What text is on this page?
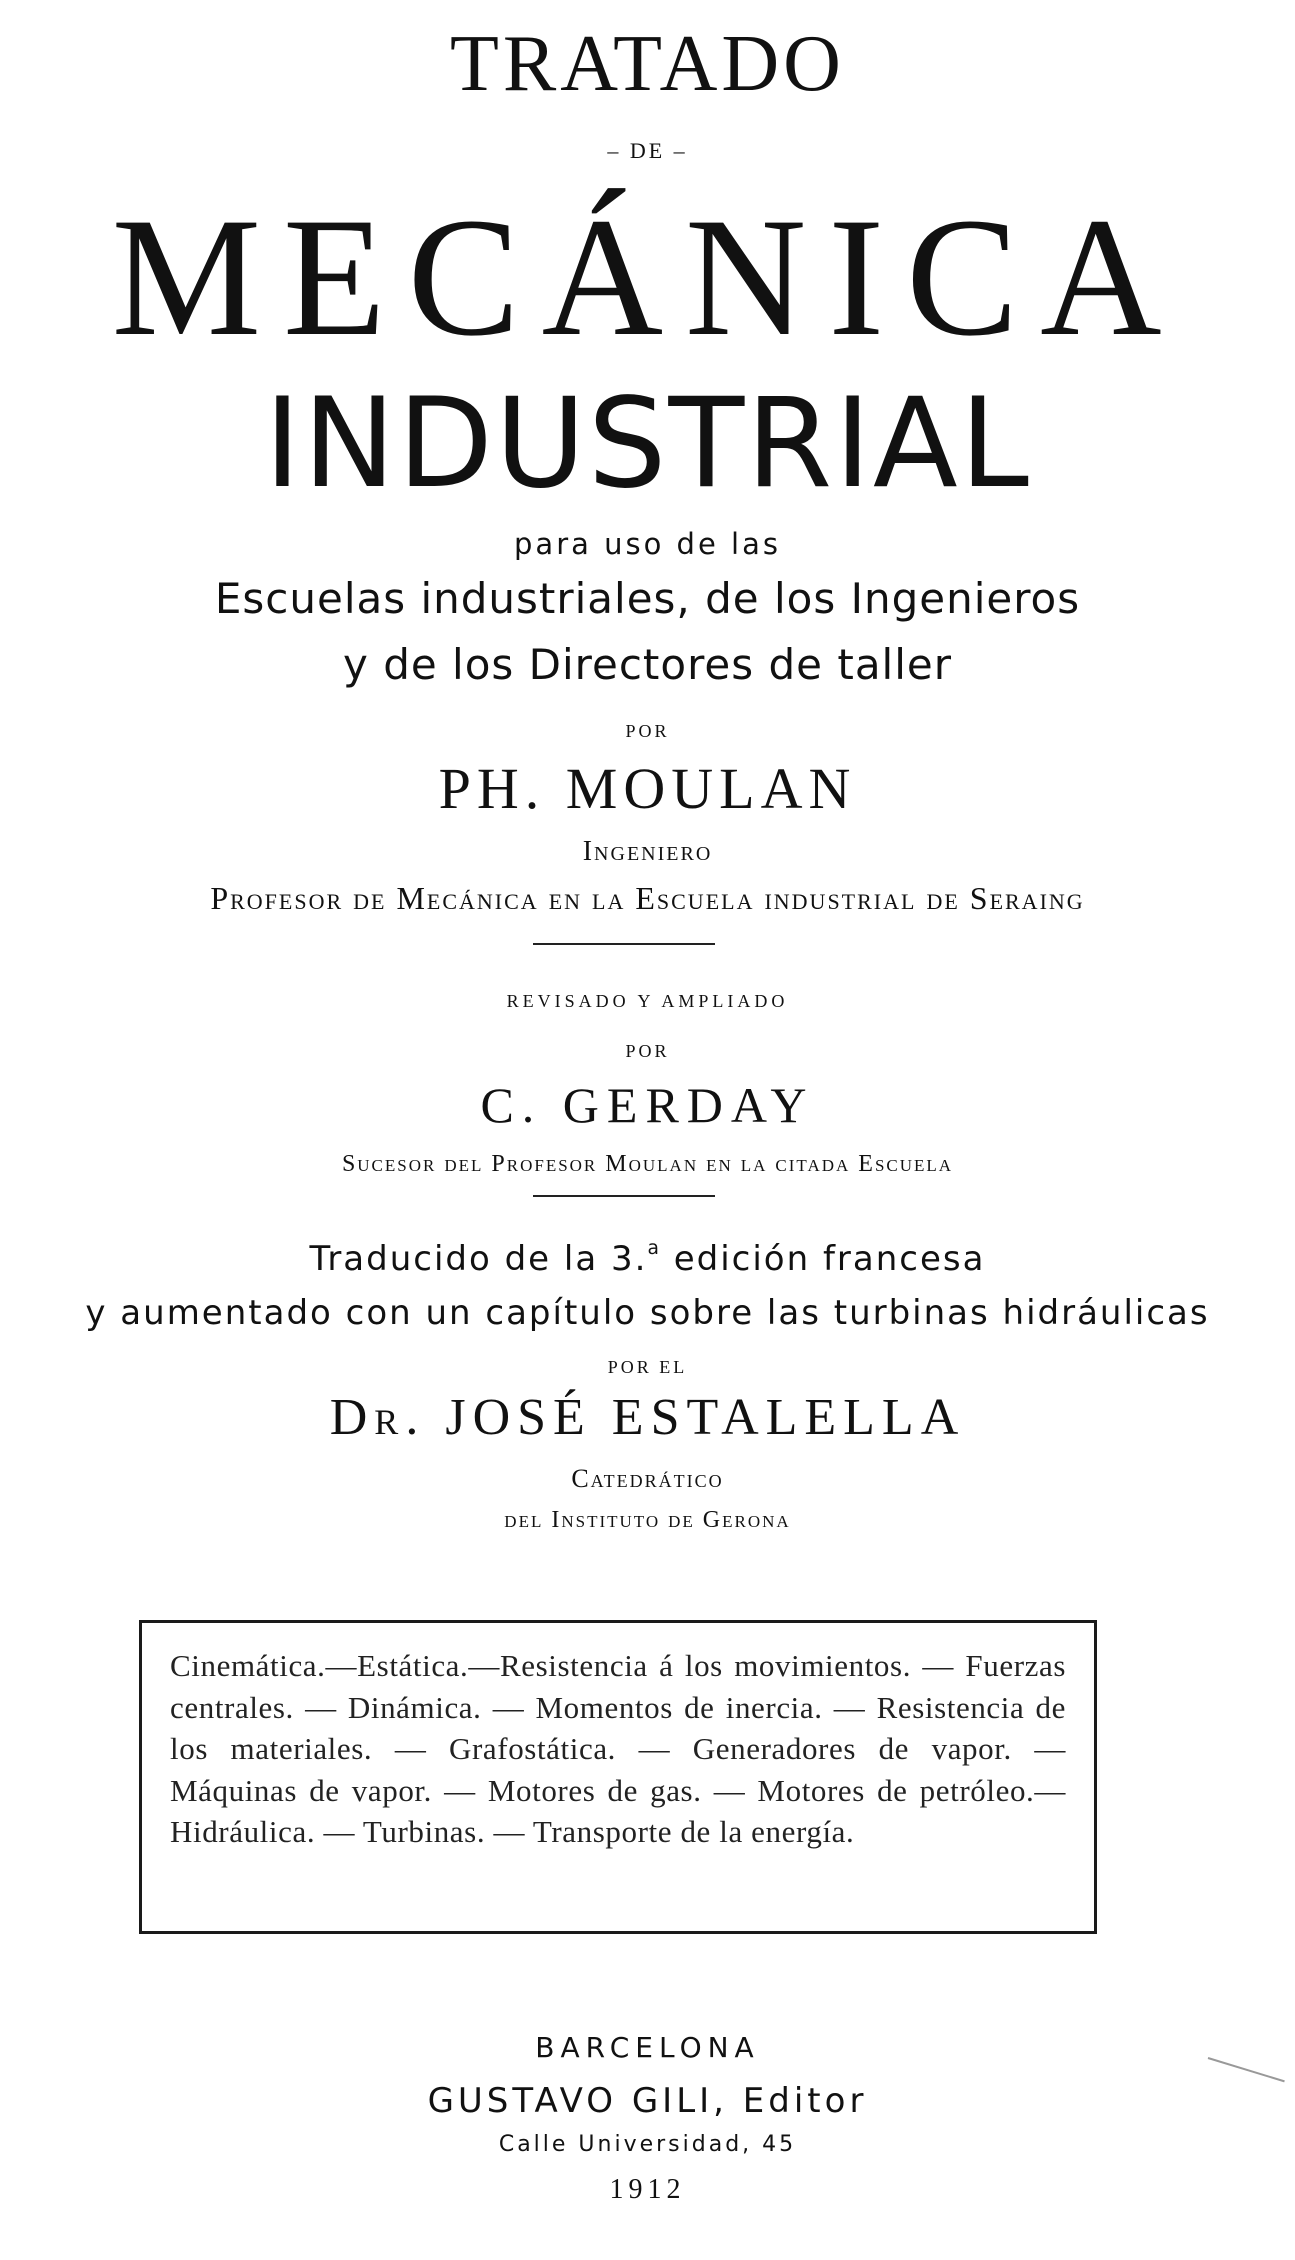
TRATADO
– DE –
MECÁNICA
INDUSTRIAL
para uso de las
Escuelas industriales, de los Ingenieros
y de los Directores de taller
POR
PH. MOULAN
Ingeniero
Profesor de Mecánica en la Escuela industrial de Seraing
REVISADO Y AMPLIADO
POR
C. GERDAY
Sucesor del Profesor Moulan en la citada Escuela
Traducido de la 3.$^a$ edición francesa
y aumentado con un capítulo sobre las turbinas hidráulicas
POR EL
Dr. JOSÉ ESTALELLA
Catedrático
del Instituto de Gerona
Cinemática.—Estática.—Resistencia á los movimientos. — Fuerzas centrales. — Dinámica. — Momentos de inercia. — Resistencia de los materiales. — Grafostática. — Generadores de vapor. — Máquinas de vapor. — Motores de gas. — Motores de petróleo.— Hidráulica. — Turbinas. — Transporte de la energía.
BARCELONA
GUSTAVO GILI, Editor
Calle Universidad, 45
1912
